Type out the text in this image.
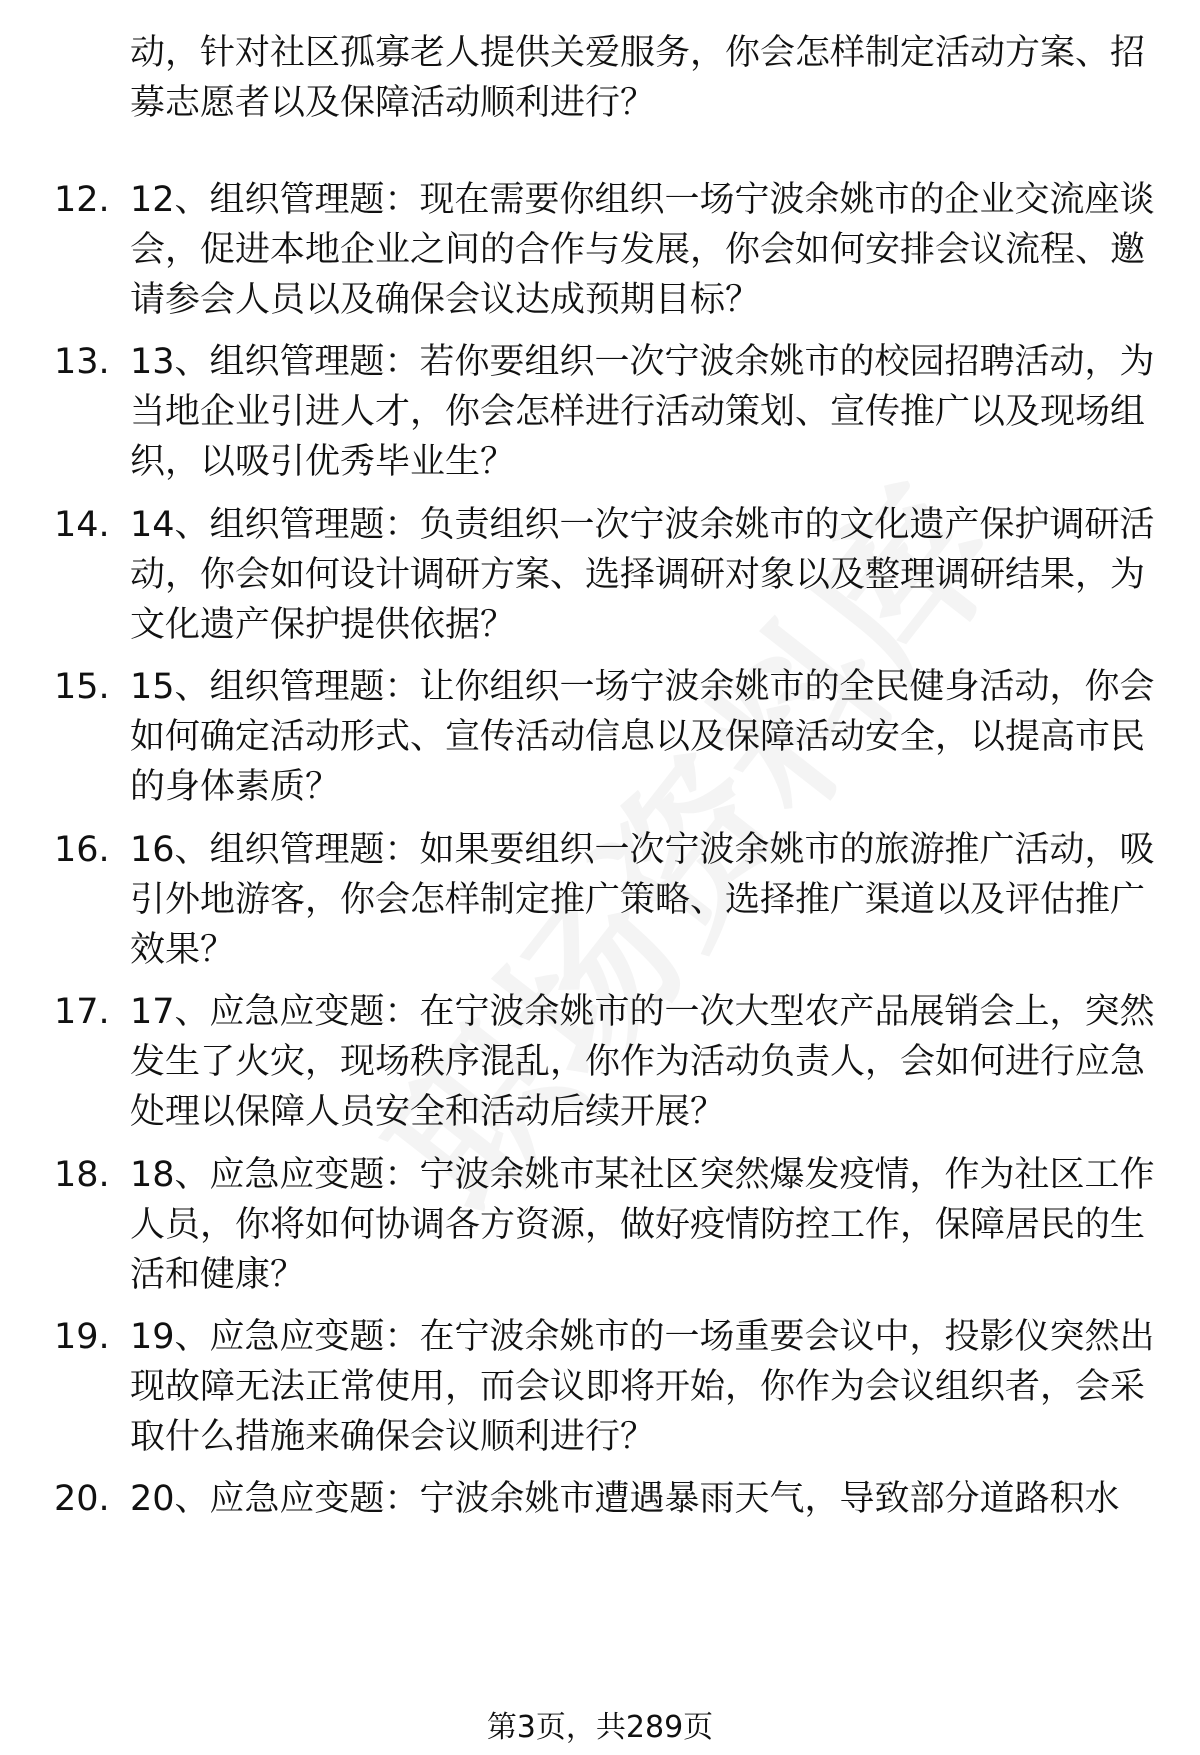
动，针对社区孤寡老人提供关爱服务，你会怎样制定活动方案、招募志愿者以及保障活动顺利进行？

12. 12、组织管理题：现在需要你组织一场宁波余姚市的企业交流座谈会，促进本地企业之间的合作与发展，你会如何安排会议流程、邀请参会人员以及确保会议达成预期目标？
13. 13、组织管理题：若你要组织一次宁波余姚市的校园招聘活动，为当地企业引进人才，你会怎样进行活动策划、宣传推广以及现场组织，以吸引优秀毕业生？
14. 14、组织管理题：负责组织一次宁波余姚市的文化遗产保护调研活动，你会如何设计调研方案、选择调研对象以及整理调研结果，为文化遗产保护提供依据？
15. 15、组织管理题：让你组织一场宁波余姚市的全民健身活动，你会如何确定活动形式、宣传活动信息以及保障活动安全，以提高市民的身体素质？
16. 16、组织管理题：如果要组织一次宁波余姚市的旅游推广活动，吸引外地游客，你会怎样制定推广策略、选择推广渠道以及评估推广效果？
17. 17、应急应变题：在宁波余姚市的一次大型农产品展销会上，突然发生了火灾，现场秩序混乱，你作为活动负责人，会如何进行应急处理以保障人员安全和活动后续开展？
18. 18、应急应变题：宁波余姚市某社区突然爆发疫情，作为社区工作人员，你将如何协调各方资源，做好疫情防控工作，保障居民的生活和健康？
19. 19、应急应变题：在宁波余姚市的一场重要会议中，投影仪突然出现故障无法正常使用，而会议即将开始，你作为会议组织者，会采取什么措施来确保会议顺利进行？
20. 20、应急应变题：宁波余姚市遭遇暴雨天气，导致部分道路积水
第3页，共289页
